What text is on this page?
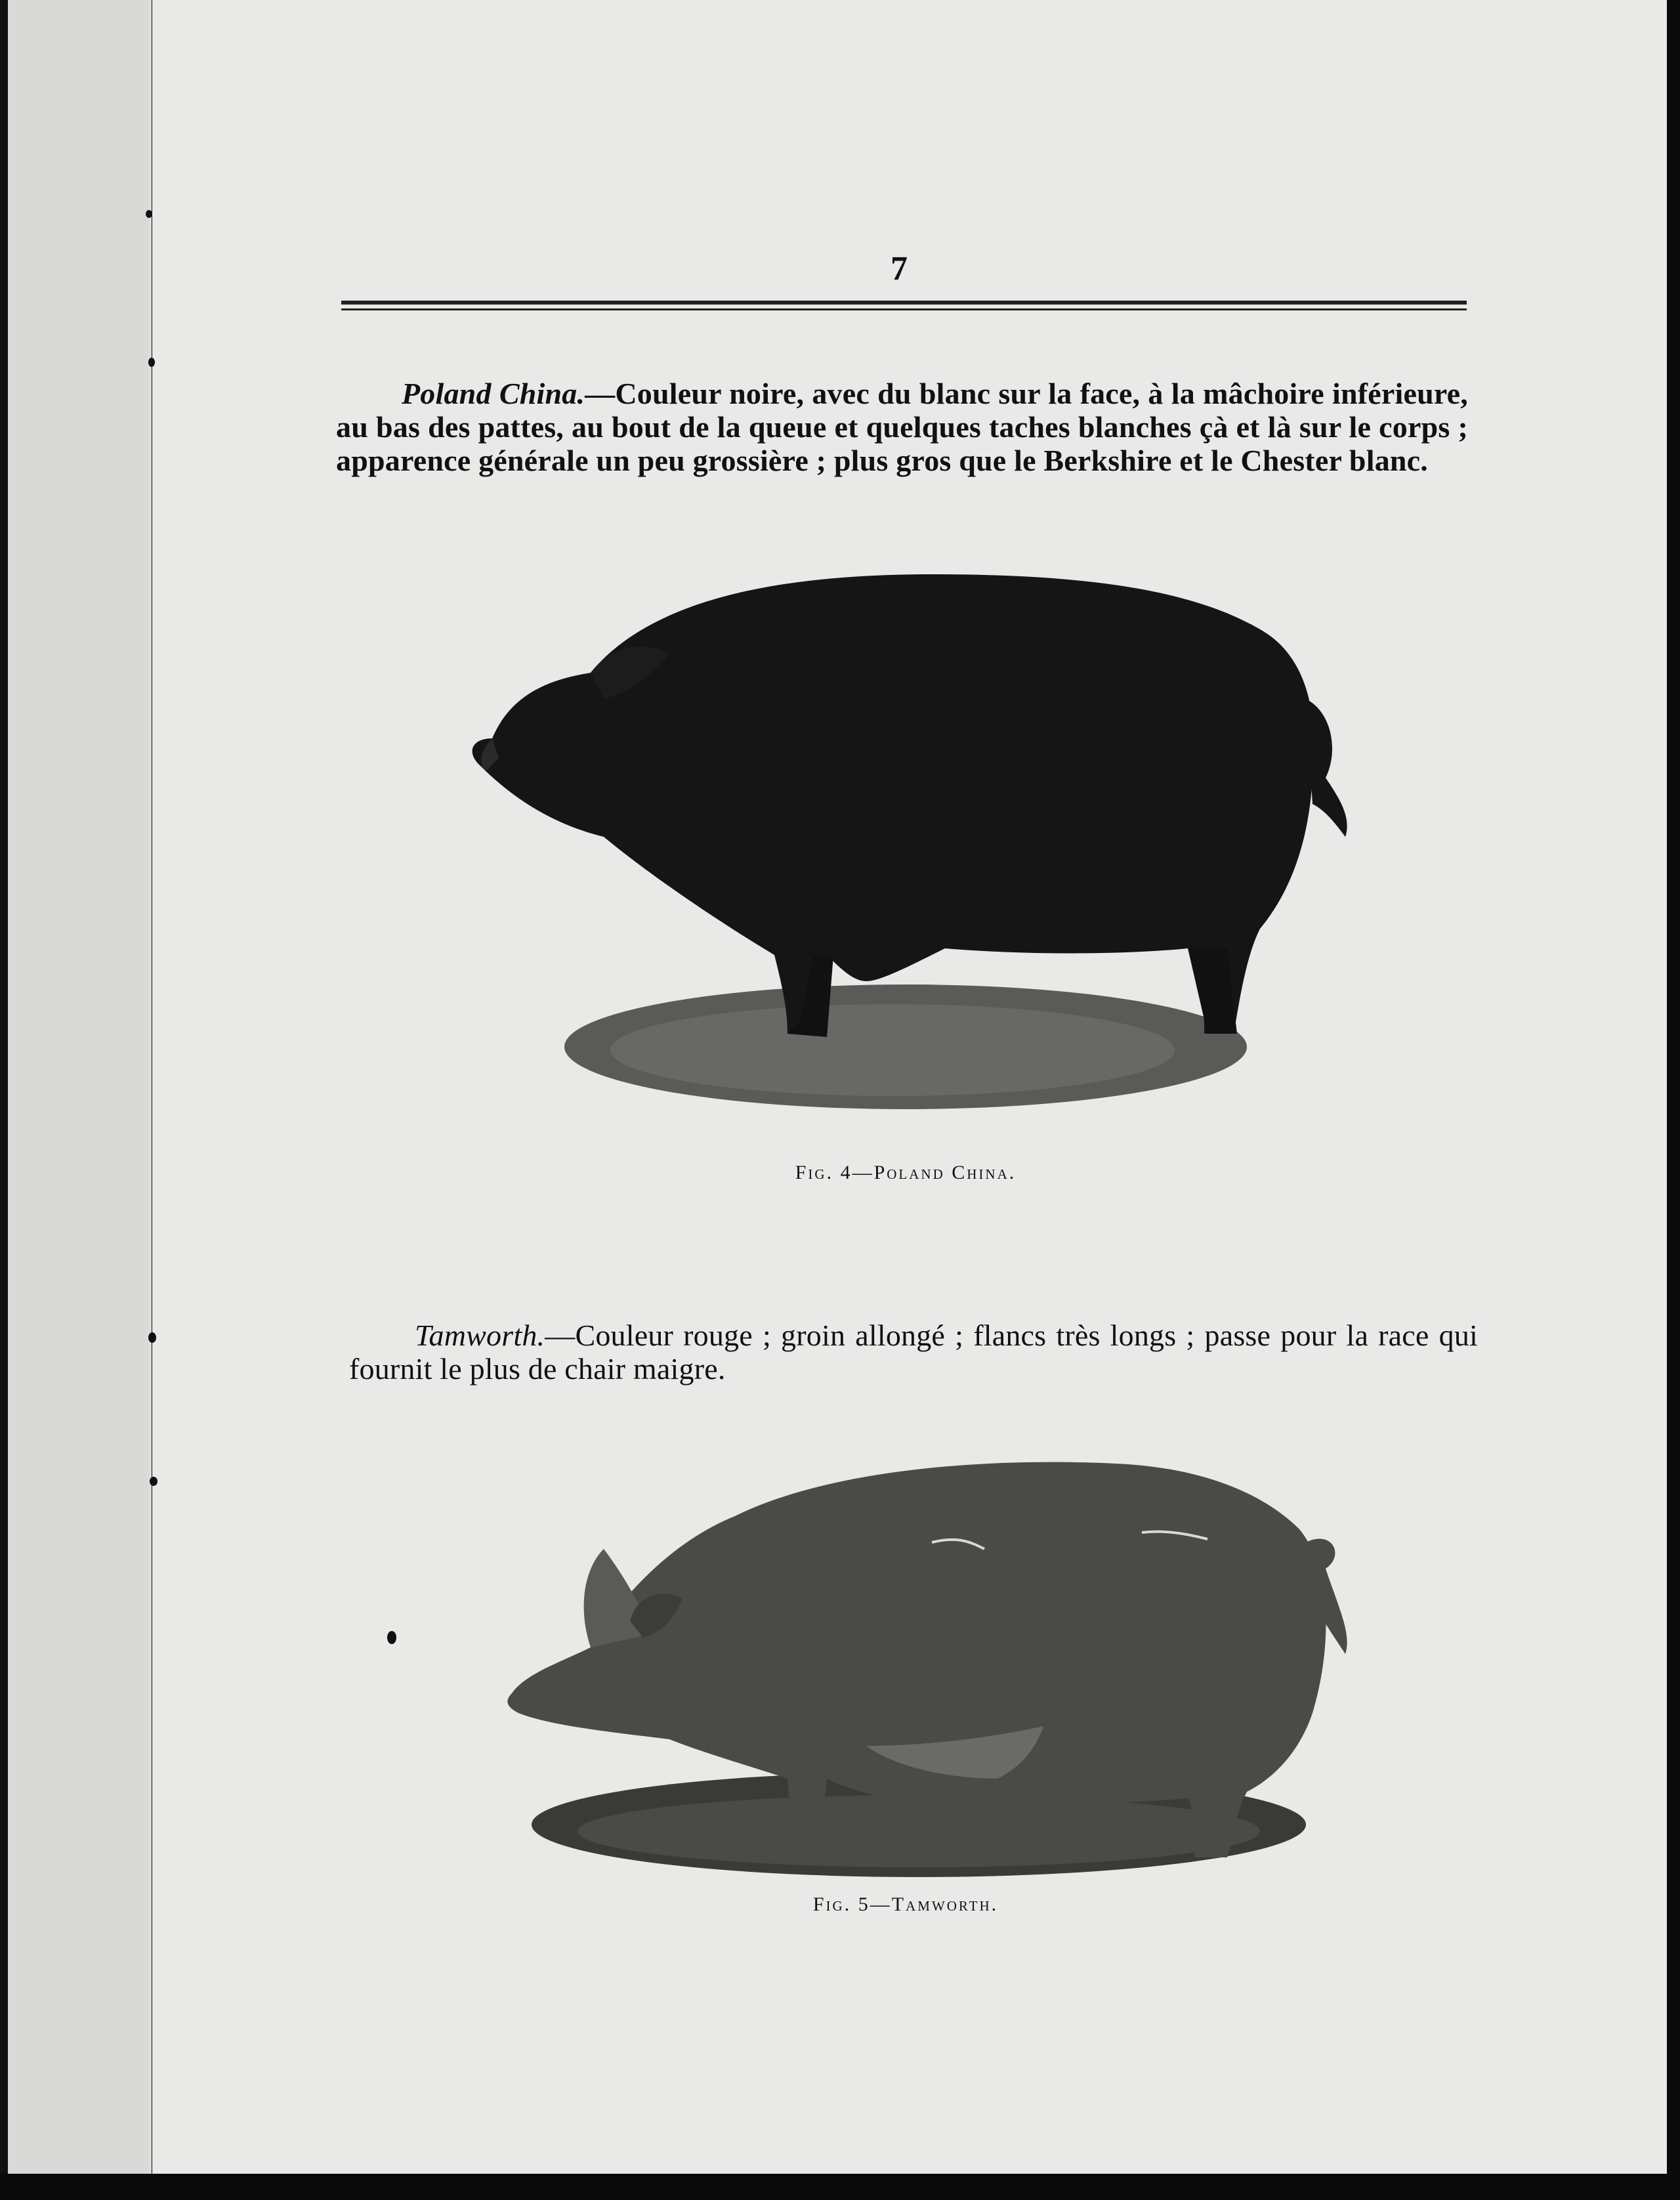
7

Poland China.—Couleur noire, avec du blanc sur la face, à la mâchoire inférieure, au bas des pattes, au bout de la queue et quelques taches blanches çà et là sur le corps ; apparence générale un peu grossière ; plus gros que le Berkshire et le Chester blanc.

Fig. 4—Poland China.

Tamworth.—Couleur rouge ; groin allongé ; flancs très longs ; passe pour la race qui fournit le plus de chair maigre.

Fig. 5—Tamworth.
